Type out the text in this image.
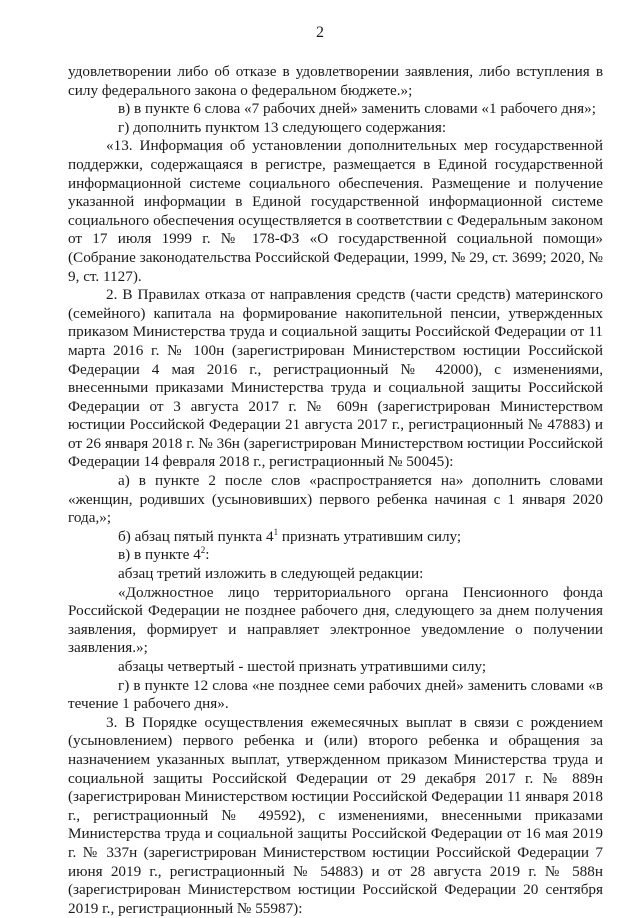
2

удовлетворении либо об отказе в удовлетворении заявления, либо вступления в силу федерального закона о федеральном бюджете.»;

в) в пункте 6 слова «7 рабочих дней» заменить словами «1 рабочего дня»;

г) дополнить пунктом 13 следующего содержания:

«13. Информация об установлении дополнительных мер государственной поддержки, содержащаяся в регистре, размещается в Единой государственной информационной системе социального обеспечения. Размещение и получение указанной информации в Единой государственной информационной системе социального обеспечения осуществляется в соответствии с Федеральным законом от 17 июля 1999 г. № 178-ФЗ «О государственной социальной помощи» (Собрание законодательства Российской Федерации, 1999, № 29, ст. 3699; 2020, № 9, ст. 1127).

2. В Правилах отказа от направления средств (части средств) материнского (семейного) капитала на формирование накопительной пенсии, утвержденных приказом Министерства труда и социальной защиты Российской Федерации от 11 марта 2016 г. № 100н (зарегистрирован Министерством юстиции Российской Федерации 4 мая 2016 г., регистрационный № 42000), с изменениями, внесенными приказами Министерства труда и социальной защиты Российской Федерации от 3 августа 2017 г. № 609н (зарегистрирован Министерством юстиции Российской Федерации 21 августа 2017 г., регистрационный № 47883) и от 26 января 2018 г. № 36н (зарегистрирован Министерством юстиции Российской Федерации 14 февраля 2018 г., регистрационный № 50045):

а) в пункте 2 после слов «распространяется на» дополнить словами «женщин, родивших (усыновивших) первого ребенка начиная с 1 января 2020 года,»;

б) абзац пятый пункта $4^1$ признать утратившим силу;

в) в пункте $4^2$:

абзац третий изложить в следующей редакции:

«Должностное лицо территориального органа Пенсионного фонда Российской Федерации не позднее рабочего дня, следующего за днем получения заявления, формирует и направляет электронное уведомление о получении заявления.»;

абзацы четвертый - шестой признать утратившими силу;

г) в пункте 12 слова «не позднее семи рабочих дней» заменить словами «в течение 1 рабочего дня».

3. В Порядке осуществления ежемесячных выплат в связи с рождением (усыновлением) первого ребенка и (или) второго ребенка и обращения за назначением указанных выплат, утвержденном приказом Министерства труда и социальной защиты Российской Федерации от 29 декабря 2017 г. № 889н (зарегистрирован Министерством юстиции Российской Федерации 11 января 2018 г., регистрационный № 49592), с изменениями, внесенными приказами Министерства труда и социальной защиты Российской Федерации от 16 мая 2019 г. № 337н (зарегистрирован Министерством юстиции Российской Федерации 7 июня 2019 г., регистрационный № 54883) и от 28 августа 2019 г. № 588н (зарегистрирован Министерством юстиции Российской Федерации 20 сентября 2019 г., регистрационный № 55987):
